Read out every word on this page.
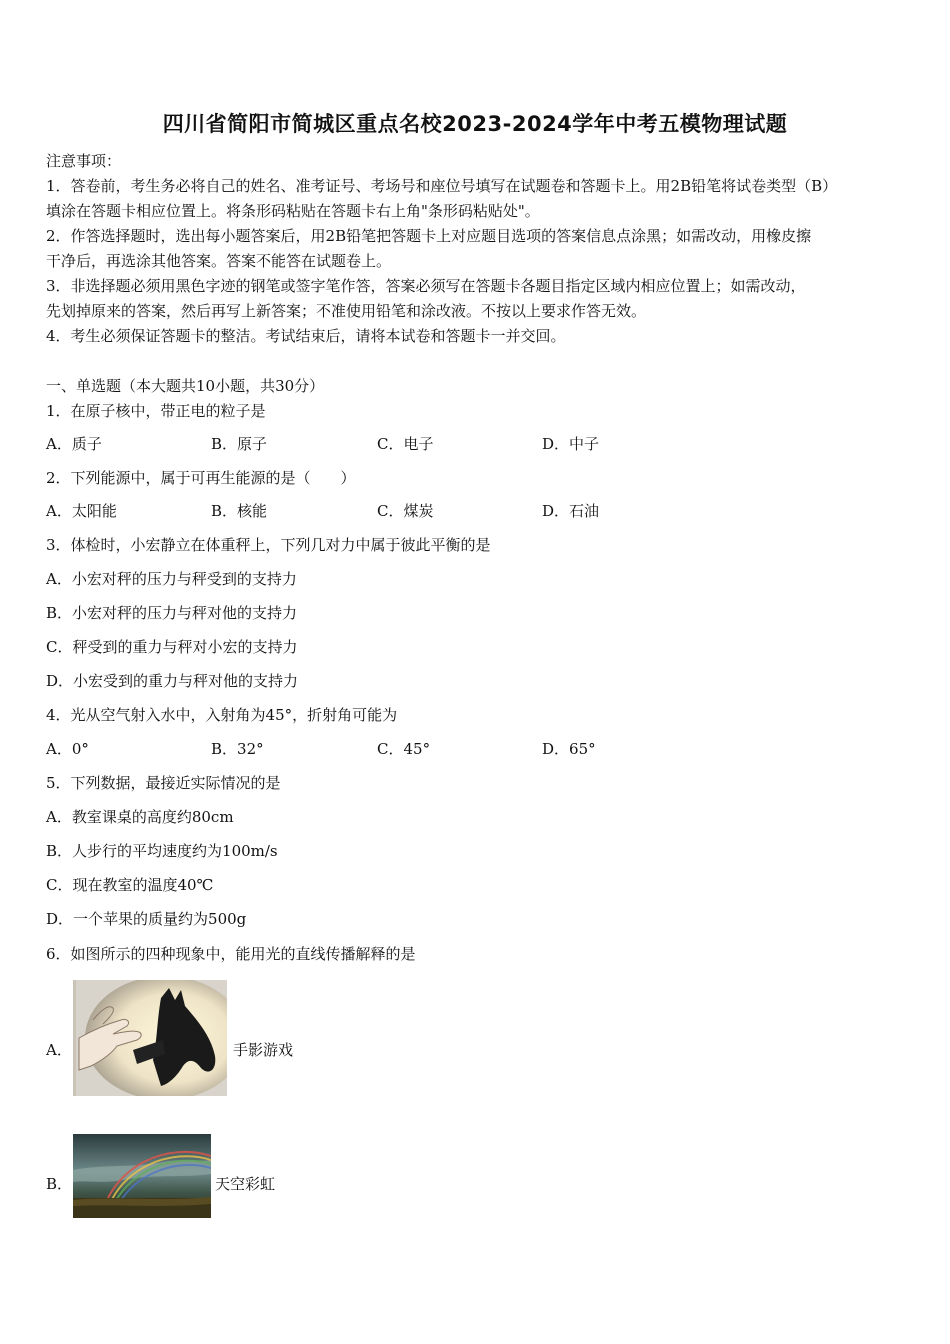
四川省简阳市简城区重点名校2023-2024学年中考五模物理试题
注意事项：
1．答卷前，考生务必将自己的姓名、准考证号、考场号和座位号填写在试题卷和答题卡上。用2B铅笔将试卷类型（B）
填涂在答题卡相应位置上。将条形码粘贴在答题卡右上角"条形码粘贴处"。
2．作答选择题时，选出每小题答案后，用2B铅笔把答题卡上对应题目选项的答案信息点涂黑；如需改动，用橡皮擦
干净后，再选涂其他答案。答案不能答在试题卷上。
3．非选择题必须用黑色字迹的钢笔或签字笔作答，答案必须写在答题卡各题目指定区域内相应位置上；如需改动，
先划掉原来的答案，然后再写上新答案；不准使用铅笔和涂改液。不按以上要求作答无效。
4．考生必须保证答题卡的整洁。考试结束后，请将本试卷和答题卡一并交回。
一、单选题（本大题共10小题，共30分）
1．在原子核中，带正电的粒子是
A．质子	B．原子	C．电子	D．中子
2．下列能源中，属于可再生能源的是（　　）
A．太阳能	B．核能	C．煤炭	D．石油
3．体检时，小宏静立在体重秤上，下列几对力中属于彼此平衡的是
A．小宏对秤的压力与秤受到的支持力
B．小宏对秤的压力与秤对他的支持力
C．秤受到的重力与秤对小宏的支持力
D．小宏受到的重力与秤对他的支持力
4．光从空气射入水中，入射角为45°，折射角可能为
A．0°	B．32°	C．45°	D．65°
5．下列数据，最接近实际情况的是
A．教室课桌的高度约80cm
B．人步行的平均速度约为100m/s
C．现在教室的温度40℃
D．一个苹果的质量约为500g
6．如图所示的四种现象中，能用光的直线传播解释的是
A．	手影游戏
B．	天空彩虹
